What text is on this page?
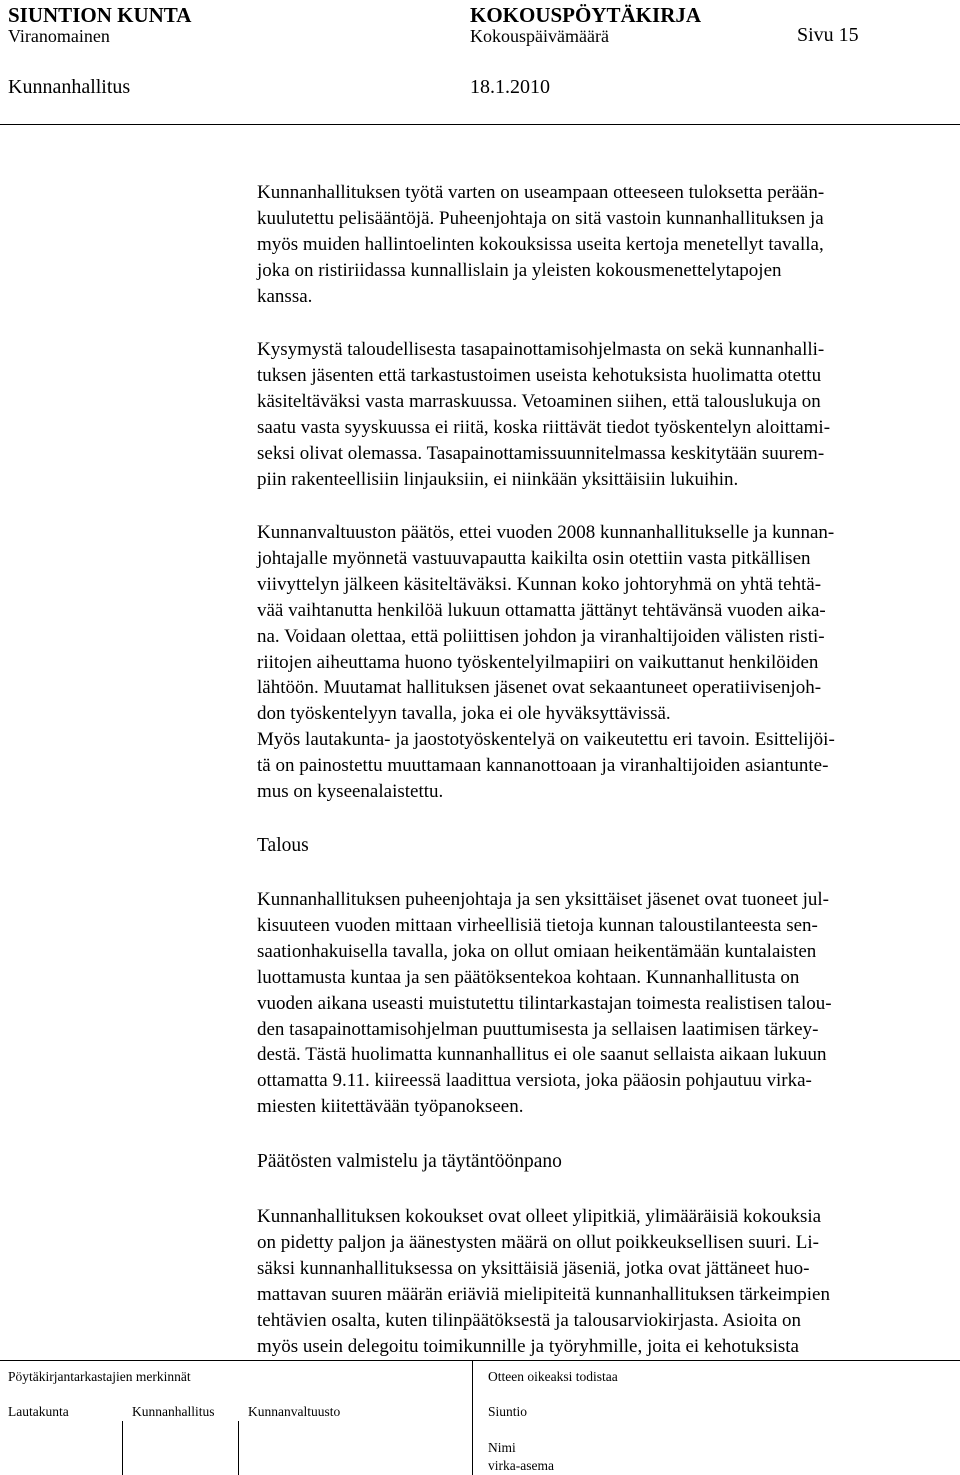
SIUNTION KUNTA	KOKOUSPÖYTÄKIRJA
Viranomainen	Kokouspäivämäärä	Sivu 15
Kunnanhallitus	18.1.2010

Kunnanhallituksen työtä varten on useampaan otteeseen tuloksetta perään-
kuulutettu pelisääntöjä. Puheenjohtaja on sitä vastoin kunnanhallituksen ja
myös muiden hallintoelinten kokouksissa useita kertoja menetellyt tavalla,
joka on ristiriidassa kunnallislain ja yleisten kokousmenettelytapojen
kanssa.

Kysymystä taloudellisesta tasapainottamisohjelmasta on sekä kunnanhalli-
tuksen jäsenten että tarkastustoimen useista kehotuksista huolimatta otettu
käsiteltäväksi vasta marraskuussa. Vetoaminen siihen, että talouslukuja on
saatu vasta syyskuussa ei riitä, koska riittävät tiedot työskentelyn aloittami-
seksi olivat olemassa. Tasapainottamissuunnitelmassa keskitytään suurem-
piin rakenteellisiin linjauksiin, ei niinkään yksittäisiin lukuihin.

Kunnanvaltuuston päätös, ettei vuoden 2008 kunnanhallitukselle ja kunnan-
johtajalle myönnetä vastuuvapautta kaikilta osin otettiin vasta pitkällisen
viivyttelyn jälkeen käsiteltäväksi. Kunnan koko johtoryhmä on yhtä tehtä-
vää vaihtanutta henkilöä lukuun ottamatta jättänyt tehtävänsä vuoden aika-
na. Voidaan olettaa, että poliittisen johdon ja viranhaltijoiden välisten risti-
riitojen aiheuttama huono työskentelyilmapiiri on vaikuttanut henkilöiden
lähtöön. Muutamat hallituksen jäsenet ovat sekaantuneet operatiivisenjoh-
don työskentelyyn tavalla, joka ei ole hyväksyttävissä.
Myös lautakunta- ja jaostotyöskentelyä on vaikeutettu eri tavoin. Esittelijöi-
tä on painostettu muuttamaan kannanottoaan ja viranhaltijoiden asiantunte-
mus on kyseenalaistettu.

Talous

Kunnanhallituksen puheenjohtaja ja sen yksittäiset jäsenet ovat tuoneet jul-
kisuuteen vuoden mittaan virheellisiä tietoja kunnan taloustilanteesta sen-
saationhakuisella tavalla, joka on ollut omiaan heikentämään kuntalaisten
luottamusta kuntaa ja sen päätöksentekoa kohtaan. Kunnanhallitusta on
vuoden aikana useasti muistutettu tilintarkastajan toimesta realistisen talou-
den tasapainottamisohjelman puuttumisesta ja sellaisen laatimisen tärkey-
destä. Tästä huolimatta kunnanhallitus ei ole saanut sellaista aikaan lukuun
ottamatta 9.11. kiireessä laadittua versiota, joka pääosin pohjautuu virka-
miesten kiitettävään työpanokseen.

Päätösten valmistelu ja täytäntöönpano

Kunnanhallituksen kokoukset ovat olleet ylipitkiä, ylimääräisiä kokouksia
on pidetty paljon ja äänestysten määrä on ollut poikkeuksellisen suuri. Li-
säksi kunnanhallituksessa on yksittäisiä jäseniä, jotka ovat jättäneet huo-
mattavan suuren määrän eriäviä mielipiteitä kunnanhallituksen tärkeimpien
tehtävien osalta, kuten tilinpäätöksestä ja talousarviokirjasta. Asioita on
myös usein delegoitu toimikunnille ja työryhmille, joita ei kehotuksista

Pöytäkirjantarkastajien merkinnät	Otteen oikeaksi todistaa
Lautakunta	Kunnanhallitus Kunnanvaltuusto	Siuntio
Nimi
virka-asema
